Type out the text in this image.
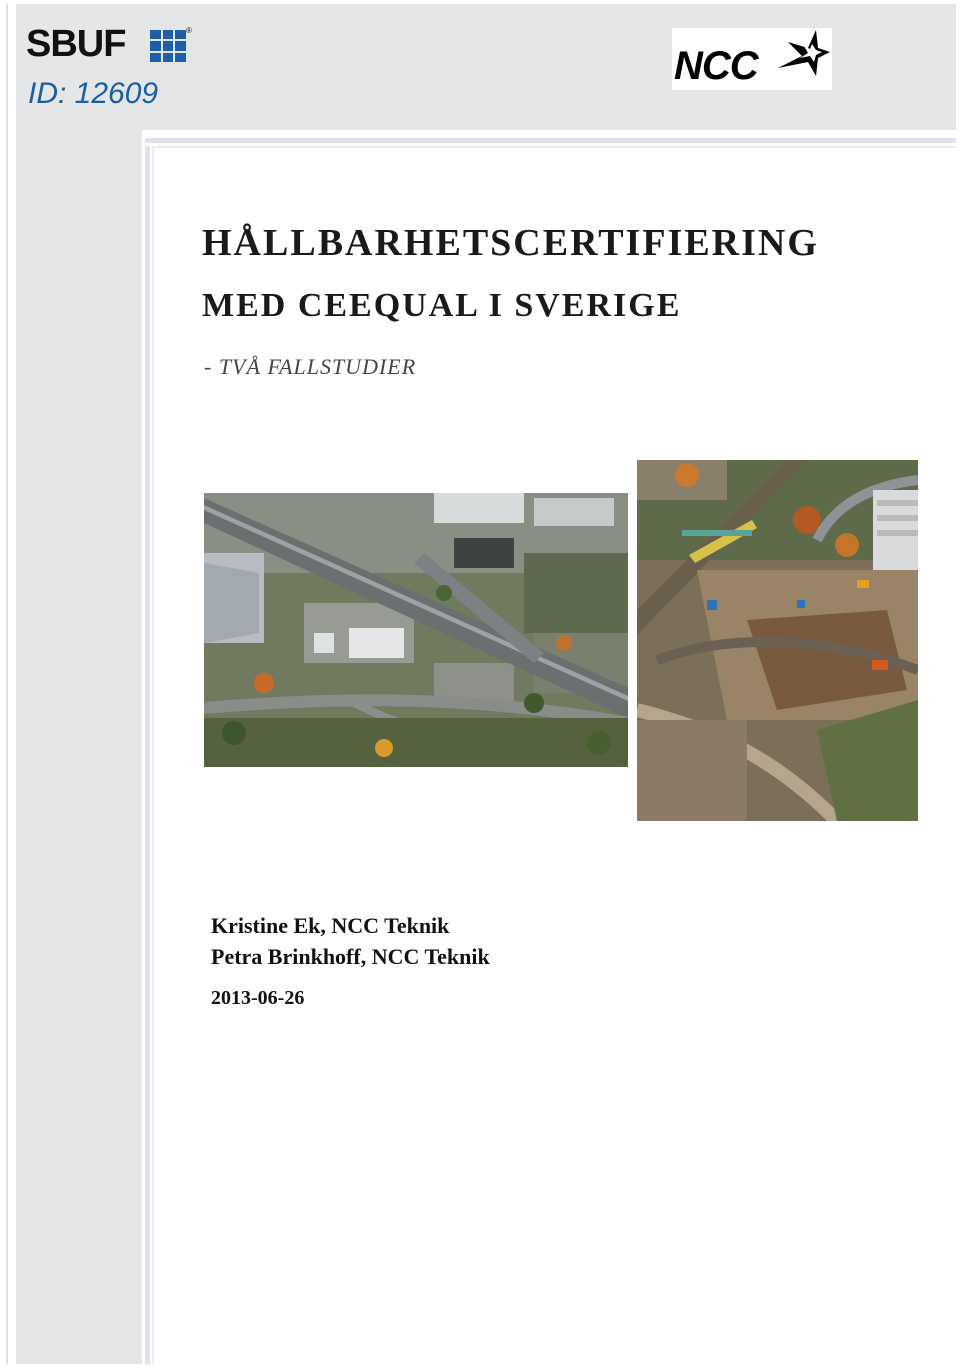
SBUF	®

ID: 12609

NCC
HÅLLBARHETSCERTIFIERING
MED CEEQUAL I SVERIGE

- TVÅ FALLSTUDIER

Kristine Ek, NCC Teknik

Petra Brinkhoff, NCC Teknik

2013-06-26
